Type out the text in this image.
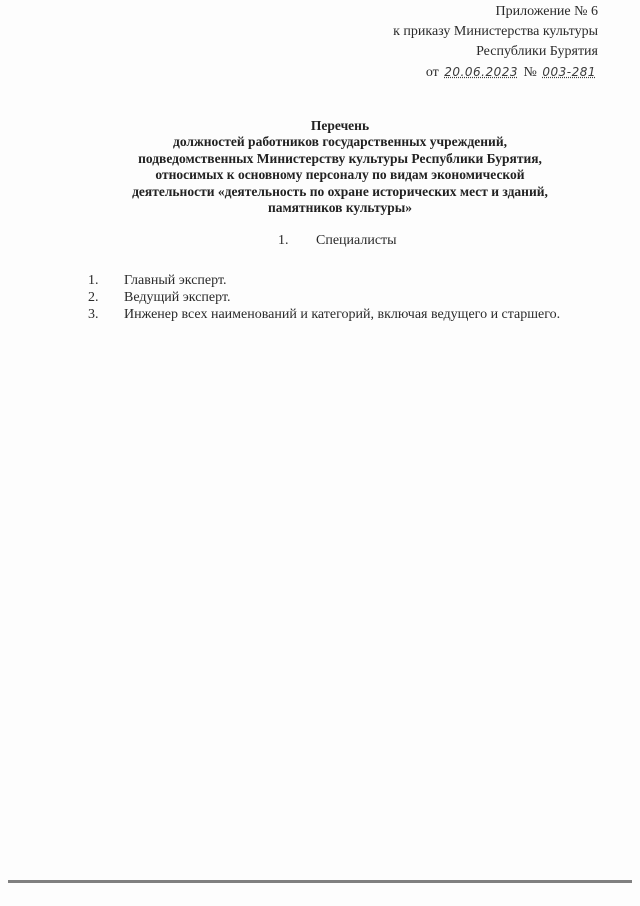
Приложение № 6
к приказу Министерства культуры
Республики Бурятия
от 20.06.2023 № 003-281
Перечень
должностей работников государственных учреждений,
подведомственных Министерству культуры Республики Бурятия,
относимых к основному персоналу по видам экономической
деятельности «деятельность по охране исторических мест и зданий,
памятников культуры»
1. Специалисты
1. Главный эксперт.
2. Ведущий эксперт.
3. Инженер всех наименований и категорий, включая ведущего и старшего.
